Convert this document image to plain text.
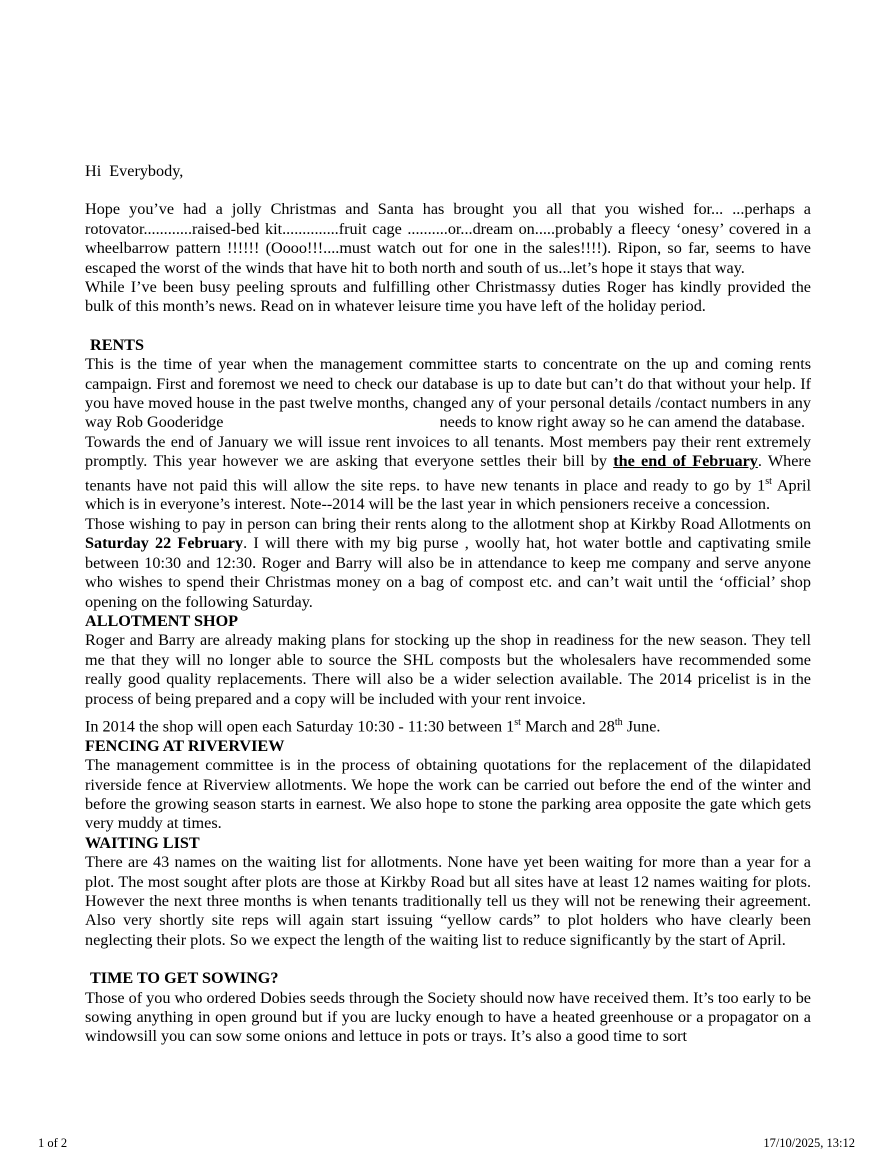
Hi  Everybody,

Hope you’ve had a jolly Christmas and Santa has brought you all that you wished for... ...perhaps a rotovator............raised-bed kit..............fruit cage ..........or...dream on.....probably a fleecy ‘onesy’ covered in a wheelbarrow pattern !!!!!! (Oooo!!!....must watch out for one in the sales!!!!). Ripon, so far, seems to have escaped the worst of the winds that have hit to both north and south of us...let’s hope it stays that way.

While I’ve been busy peeling sprouts and fulfilling other Christmassy duties Roger has kindly provided the bulk of this month’s news. Read on in whatever leisure time you have left of the holiday period.

RENTS

This is the time of year when the management committee starts to concentrate on the up and coming rents campaign. First and foremost we need to check our database is up to date but can’t do that without your help. If you have moved house in the past twelve months, changed any of your personal details /contact numbers in any way Rob Gooderidge	needs to know right away so he can amend the database.

Towards the end of January we will issue rent invoices to all tenants. Most members pay their rent extremely promptly. This year however we are asking that everyone settles their bill by the end of February. Where tenants have not paid this will allow the site reps. to have new tenants in place and ready to go by 1st April which is in everyone’s interest. Note--2014 will be the last year in which pensioners receive a concession.

Those wishing to pay in person can bring their rents along to the allotment shop at Kirkby Road Allotments on Saturday 22 February. I will there with my big purse , woolly hat, hot water bottle and captivating smile between 10:30 and 12:30. Roger and Barry will also be in attendance to keep me company and serve anyone who wishes to spend their Christmas money on a bag of compost etc. and can’t wait until the ‘official’ shop opening on the following Saturday.

ALLOTMENT SHOP

Roger and Barry are already making plans for stocking up the shop in readiness for the new season. They tell me that they will no longer able to source the SHL composts but the wholesalers have recommended some really good quality replacements. There will also be a wider selection available. The 2014 pricelist is in the process of being prepared and a copy will be included with your rent invoice.

In 2014 the shop will open each Saturday 10:30 - 11:30 between 1st March and 28th June.

FENCING AT RIVERVIEW

The management committee is in the process of obtaining quotations for the replacement of the dilapidated riverside fence at Riverview allotments. We hope the work can be carried out before the end of the winter and before the growing season starts in earnest. We also hope to stone the parking area opposite the gate which gets very muddy at times.

WAITING LIST

There are 43 names on the waiting list for allotments. None have yet been waiting for more than a year for a plot. The most sought after plots are those at Kirkby Road but all sites have at least 12 names waiting for plots. However the next three months is when tenants traditionally tell us they will not be renewing their agreement. Also very shortly site reps will again start issuing “yellow cards” to plot holders who have clearly been neglecting their plots. So we expect the length of the waiting list to reduce significantly by the start of April.

TIME TO GET SOWING?

Those of you who ordered Dobies seeds through the Society should now have received them. It’s too early to be sowing anything in open ground but if you are lucky enough to have a heated greenhouse or a propagator on a windowsill you can sow some onions and lettuce in pots or trays. It’s also a good time to sort

1 of 2	17/10/2025, 13:12
